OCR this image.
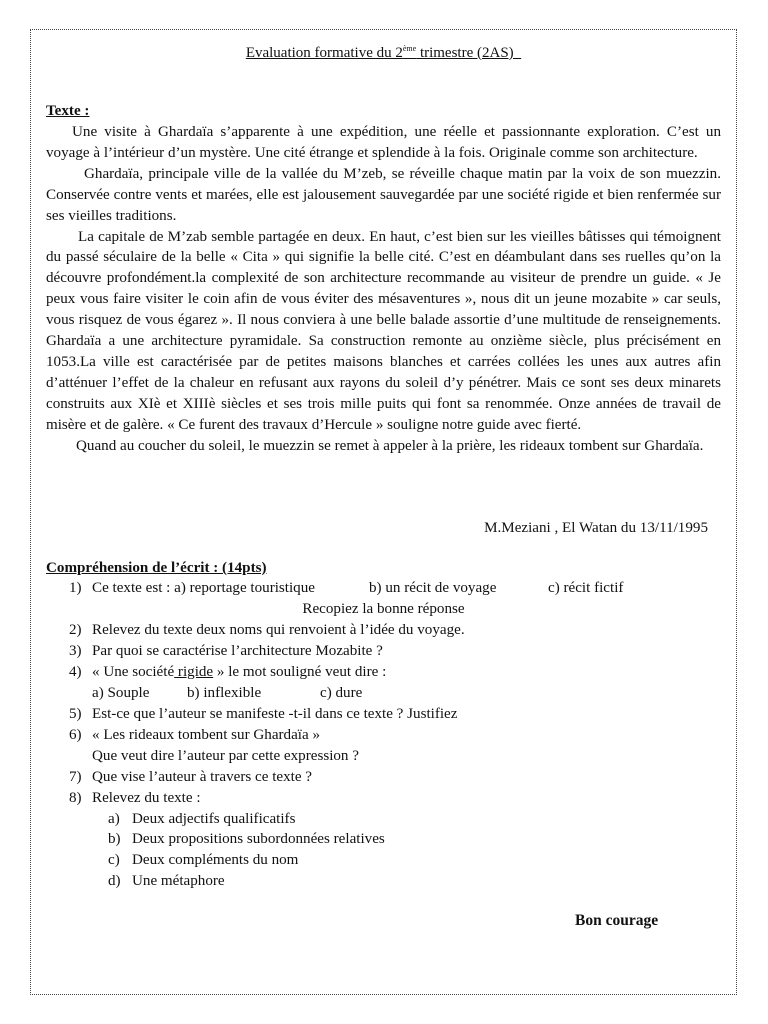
Evaluation formative du 2ème trimestre (2AS)
Texte :

Une visite à Ghardaïa s’apparente à une expédition, une réelle et passionnante exploration. C’est un voyage à l’intérieur d’un mystère. Une cité étrange et splendide à la fois. Originale comme son architecture.

Ghardaïa, principale ville de la vallée du M’zeb, se réveille chaque matin par la voix de son muezzin. Conservée contre vents et marées, elle est jalousement sauvegardée par une société rigide et bien renfermée sur ses vieilles traditions.

La capitale de M’zab semble partagée en deux. En haut, c’est bien sur les vieilles bâtisses qui témoignent du passé séculaire de la belle « Cita » qui signifie la belle cité. C’est en déambulant dans ses ruelles qu’on la découvre profondément.la complexité de son architecture recommande au visiteur de prendre un guide. « Je peux vous faire visiter le coin afin de vous éviter des mésaventures », nous dit un jeune mozabite » car seuls, vous risquez de vous égarez ». Il nous conviera à une belle balade assortie d’une multitude de renseignements. Ghardaïa a une architecture pyramidale. Sa construction remonte au onzième siècle, plus précisément en 1053.La ville est caractérisée par de petites maisons blanches et carrées collées les unes aux autres afin d’atténuer l’effet de la chaleur en refusant aux rayons du soleil d’y pénétrer. Mais ce sont ses deux minarets construits aux XIè et XIIIè siècles et ses trois mille puits qui font sa renommée. Onze années de travail de misère et de galère. « Ce furent des travaux d’Hercule » souligne notre guide avec fierté.

Quand au coucher du soleil, le muezzin se remet à appeler à la prière, les rideaux tombent sur Ghardaïa.

M.Meziani , El Watan du 13/11/1995
Compréhension de l’écrit : (14pts)
1) Ce texte est : a) reportage touristique	b) un récit de voyage	c) récit fictif
Recopiez la bonne réponse
2) Relevez du texte deux noms qui renvoient à l’idée du voyage.
3) Par quoi se caractérise l’architecture Mozabite ?
4) « Une société rigide » le mot souligné veut dire :
a) Souple b) inflexible	c) dure
5) Est-ce que l’auteur se manifeste -t-il dans ce texte ? Justifiez
6) « Les rideaux tombent sur Ghardaïa »
Que veut dire l’auteur par cette expression ?
7) Que vise l’auteur à travers ce texte ?
8) Relevez du texte :
a) Deux adjectifs qualificatifs
b) Deux propositions subordonnées relatives
c) Deux compléments du nom
d) Une métaphore
Bon courage
